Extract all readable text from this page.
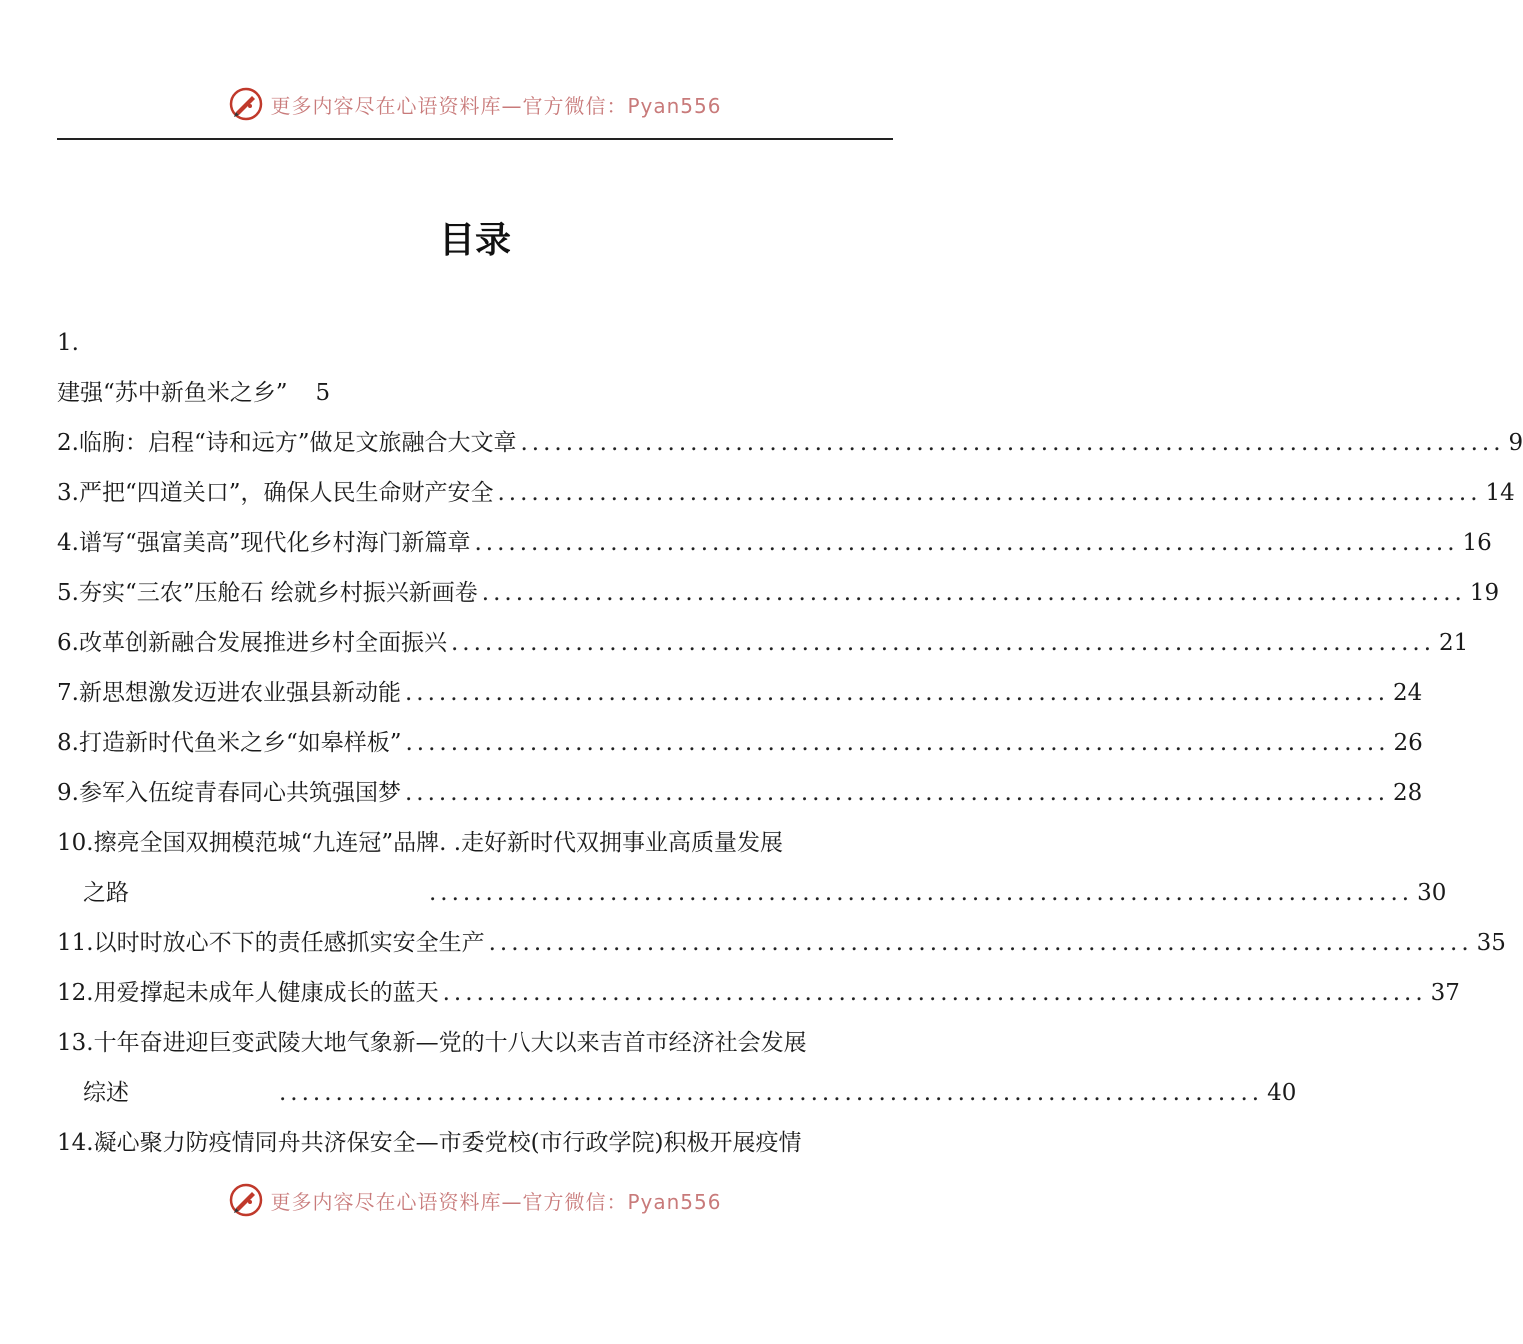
更多内容尽在心语资料库—官方微信：Pyan556
目录
1.
建强“苏中新鱼米之乡” 5
2. 临朐：启程“诗和远方”做足文旅融合大文章 ....................................................................................... 9
3. 严把“四道关口”，确保人民生命财产安全 ....................................................................................... 14
4. 谱写“强富美高”现代化乡村海门新篇章 ....................................................................................... 16
5. 夯实“三农”压舱石 绘就乡村振兴新画卷 ....................................................................................... 19
6. 改革创新融合发展推进乡村全面振兴 ....................................................................................... 21
7. 新思想激发迈进农业强县新动能 ....................................................................................... 24
8. 打造新时代鱼米之乡“如皋样板” ....................................................................................... 26
9. 参军入伍绽青春同心共筑强国梦 ....................................................................................... 28
10. 擦亮全国双拥模范城“九连冠”品牌. .走好新时代双拥事业高质量发展
之路	....................................................................................... 30
11. 以时时放心不下的责任感抓实安全生产 ....................................................................................... 35
12. 用爱撑起未成年人健康成长的蓝天 ....................................................................................... 37
13. 十年奋进迎巨变武陵大地气象新—党的十八大以来吉首市经济社会发展
综述	....................................................................................... 40
14. 凝心聚力防疫情同舟共济保安全—市委党校(市行政学院)积极开展疫情
更多内容尽在心语资料库—官方微信：Pyan556
